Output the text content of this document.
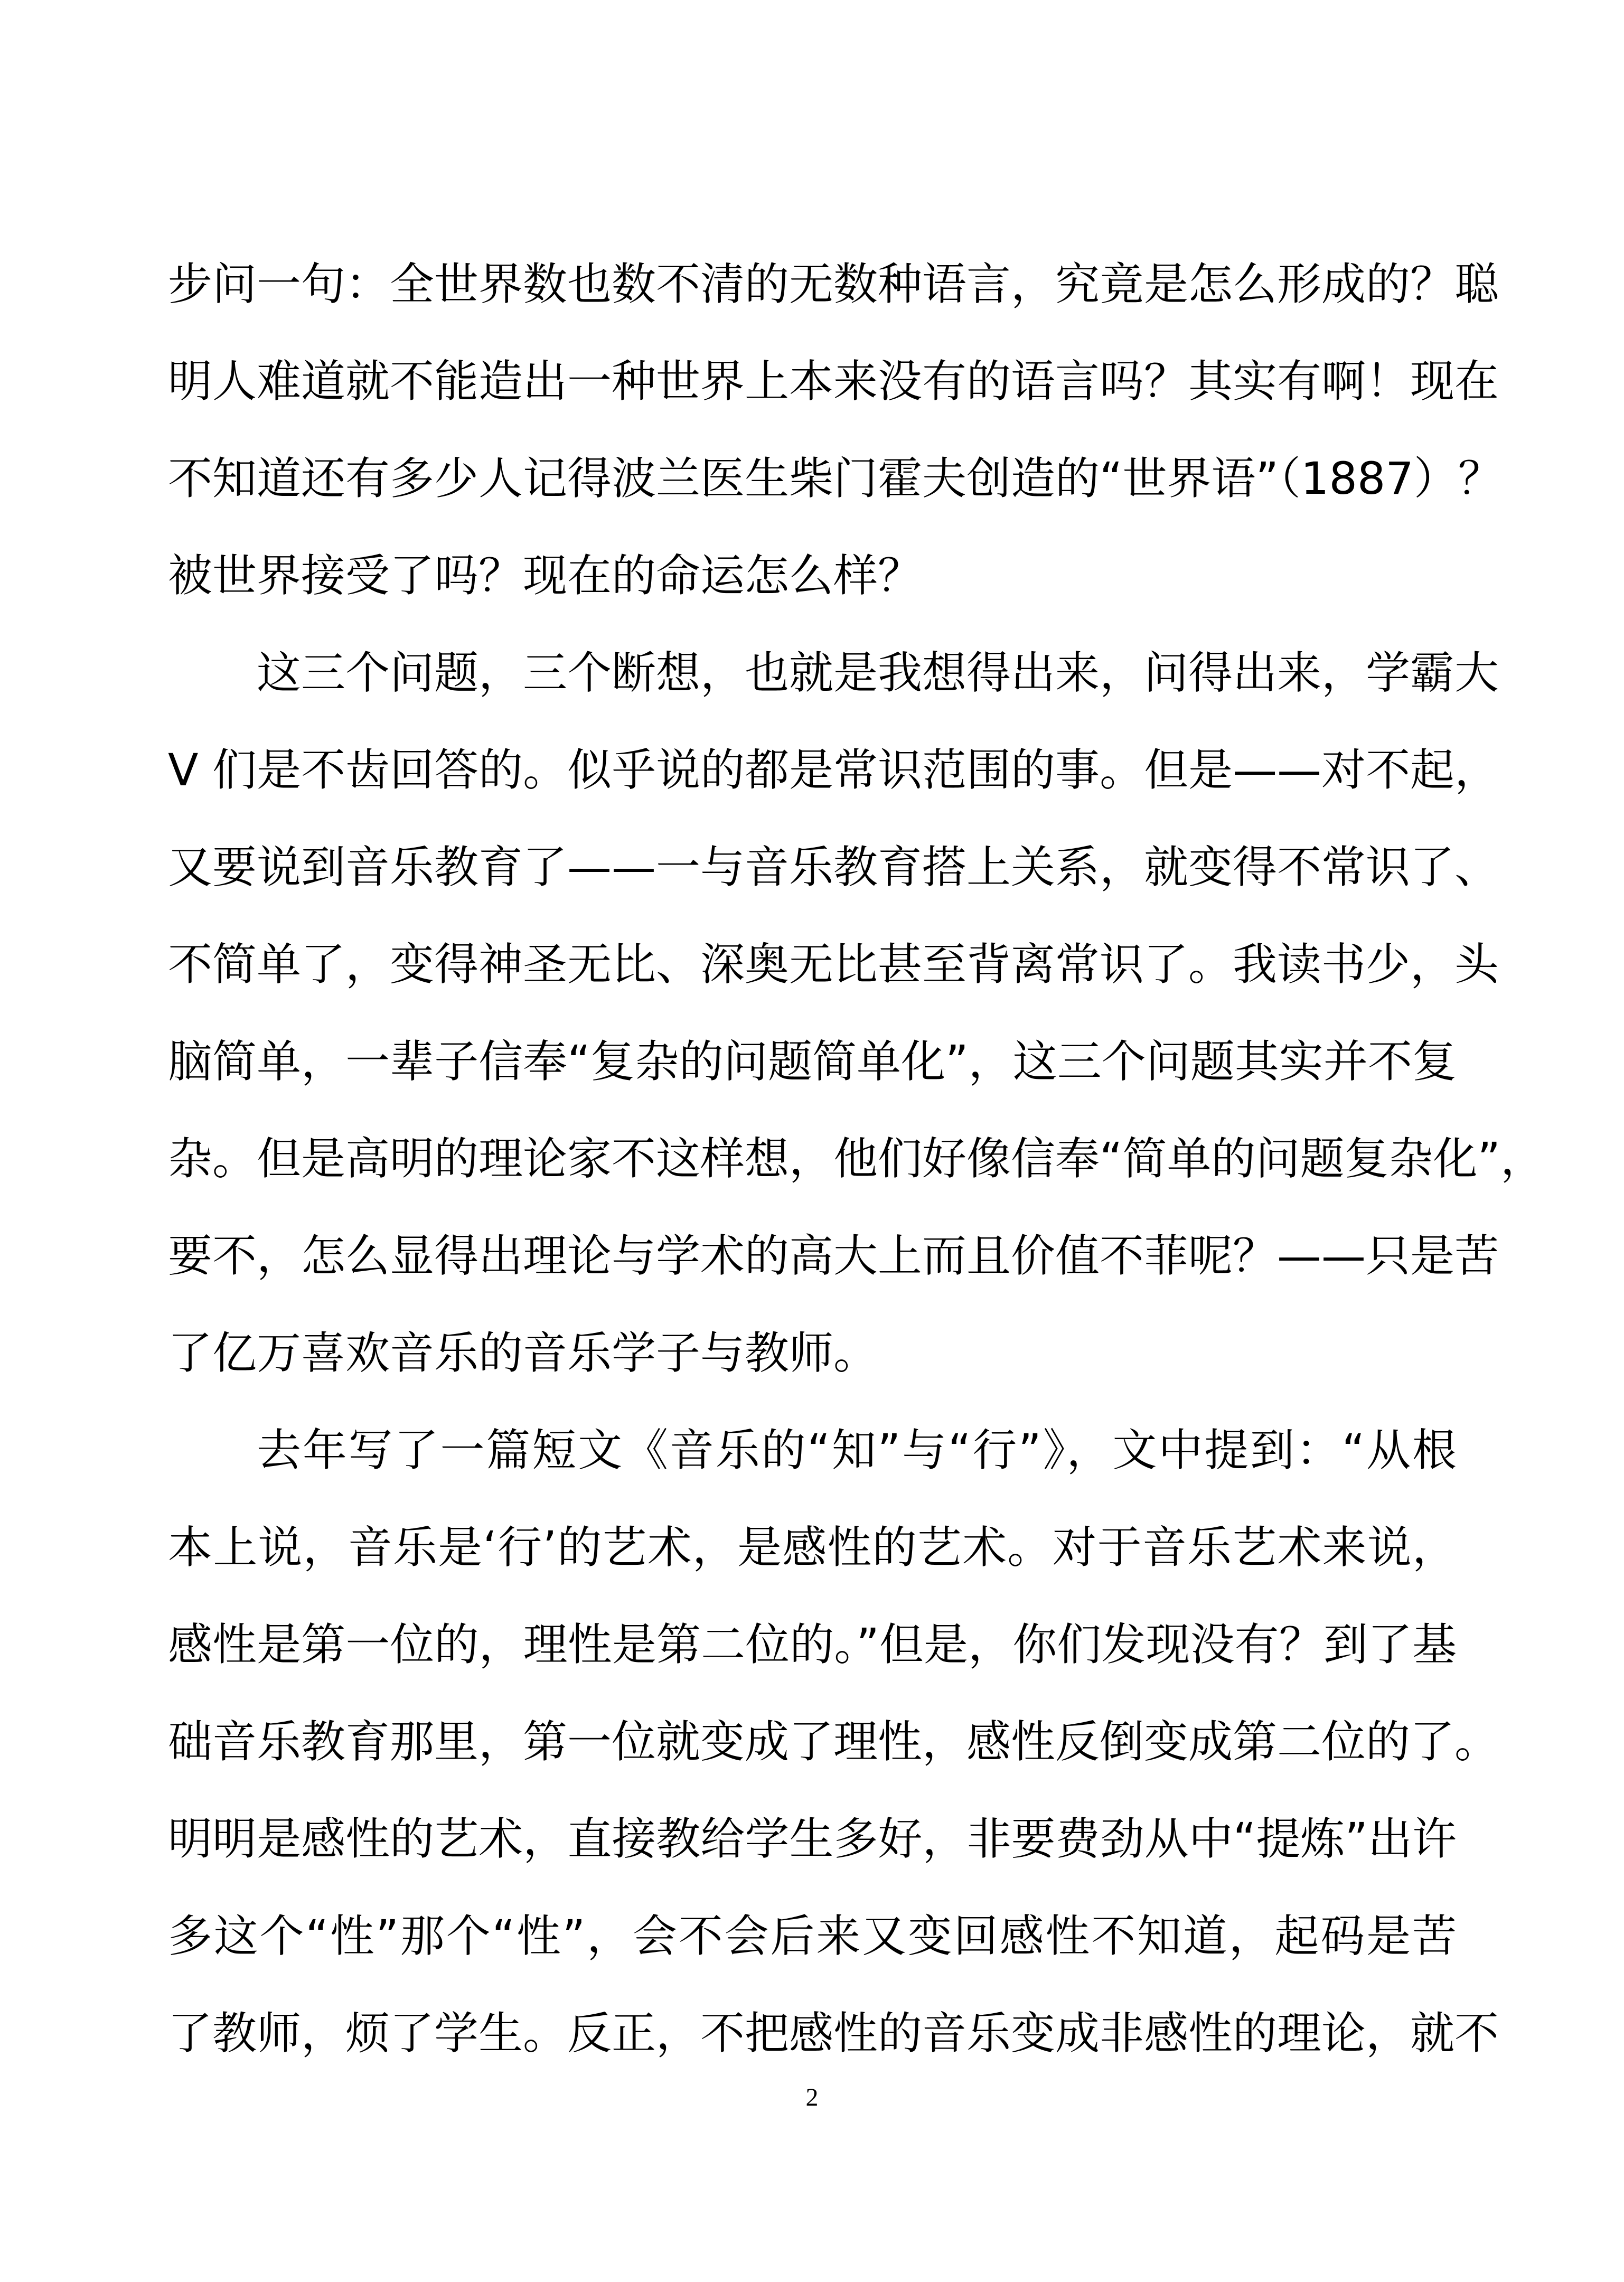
步问一句：全世界数也数不清的无数种语言，究竟是怎么形成的？聪
明人难道就不能造出一种世界上本来没有的语言吗？其实有啊！现在
不知道还有多少人记得波兰医生柴门霍夫创造的“世界语”（1887）？
被世界接受了吗？现在的命运怎么样？
这三个问题，三个断想，也就是我想得出来，问得出来，学霸大
V 们是不齿回答的。似乎说的都是常识范围的事。但是——对不起，
又要说到音乐教育了——一与音乐教育搭上关系，就变得不常识了、
不简单了，变得神圣无比、深奥无比甚至背离常识了。我读书少，头
脑简单，一辈子信奉“复杂的问题简单化”，这三个问题其实并不复
杂。但是高明的理论家不这样想，他们好像信奉“简单的问题复杂化”，
要不，怎么显得出理论与学术的高大上而且价值不菲呢？——只是苦
了亿万喜欢音乐的音乐学子与教师。
去年写了一篇短文《音乐的“知”与“行”》，文中提到：“从根
本上说，音乐是‘行’的艺术，是感性的艺术。对于音乐艺术来说，
感性是第一位的，理性是第二位的。”但是，你们发现没有？到了基
础音乐教育那里，第一位就变成了理性，感性反倒变成第二位的了。
明明是感性的艺术，直接教给学生多好，非要费劲从中“提炼”出许
多这个“性”那个“性”，会不会后来又变回感性不知道，起码是苦
了教师，烦了学生。反正，不把感性的音乐变成非感性的理论，就不
2
